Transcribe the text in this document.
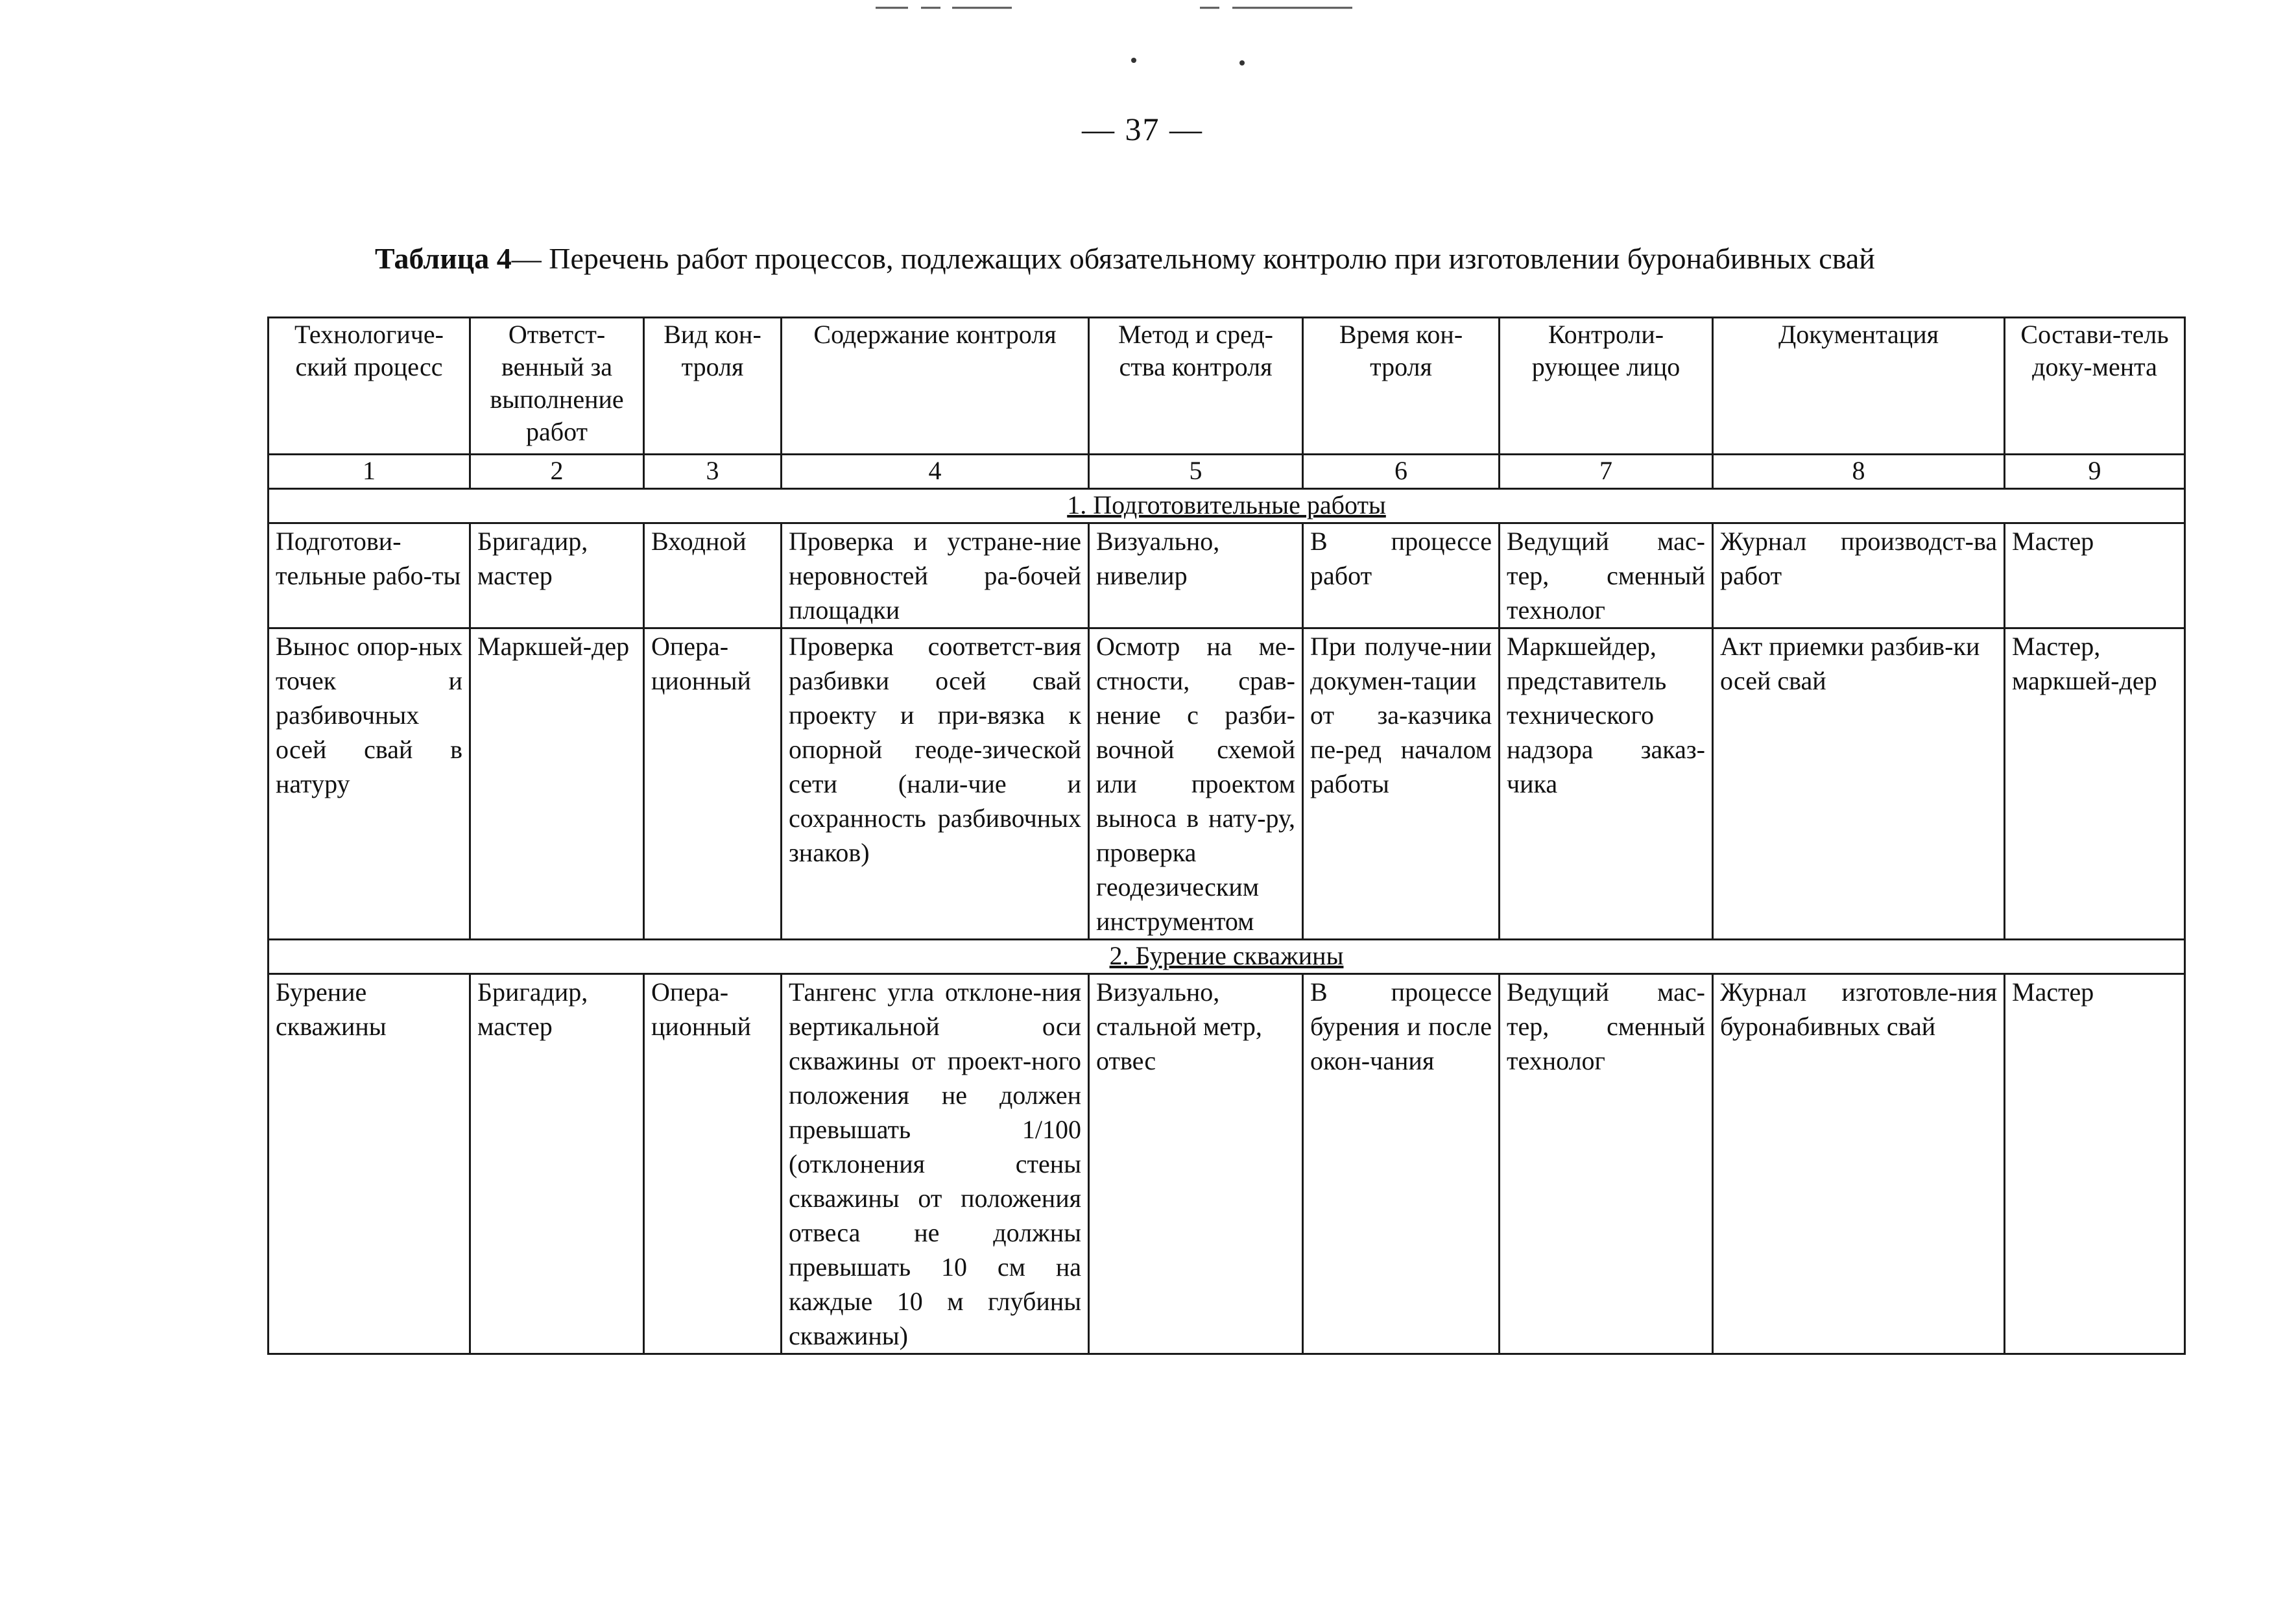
— 37 —
Таблица 4— Перечень работ процессов, подлежащих обязательному контролю при изготовлении буронабивных свай
Технологиче-ский процесс	Ответст-венный за выполнение работ	Вид кон-троля	Содержание контроля	Метод и сред-ства контроля	Время кон-троля	Контроли-рующее лицо	Документация	Состави-тель доку-мента
1	2	3	4	5	6	7	8	9
1. Подготовительные работы								
Подготови-тельные рабо-ты	Бригадир, мастер	Входной	Проверка и устране-ние неровностей ра-бочей площадки	Визуально, нивелир	В процессе работ	Ведущий мас-тер, сменный технолог	Журнал производст-ва работ	Мастер
Вынос опор-ных точек и разбивочных осей свай в натуру	Маркшей-дер	Опера-ционный	Проверка соответст-вия разбивки осей свай проекту и при-вязка к опорной геоде-зической сети (нали-чие и сохранность разбивочных знаков)	Осмотр на ме-стности, срав-нение с разби-вочной схемой или проектом выноса в нату-ру, проверка геодезическим инструментом	При получе-нии докумен-тации от за-казчика пе-ред началом работы	Маркшейдер, представитель технического надзора заказ-чика	Акт приемки разбив-ки осей свай	Мастер, маркшей-дер
2. Бурение скважины								
Бурение скважины	Бригадир, мастер	Опера-ционный	Тангенс угла отклоне-ния вертикальной оси скважины от проект-ного положения не должен превышать 1/100 (отклонения стены скважины от положения отвеса не должны превышать 10 см на каждые 10 м глубины скважины)	Визуально, стальной метр, отвес	В процессе бурения и после окон-чания	Ведущий мас-тер, сменный технолог	Журнал изготовле-ния буронабивных свай	Мастер
